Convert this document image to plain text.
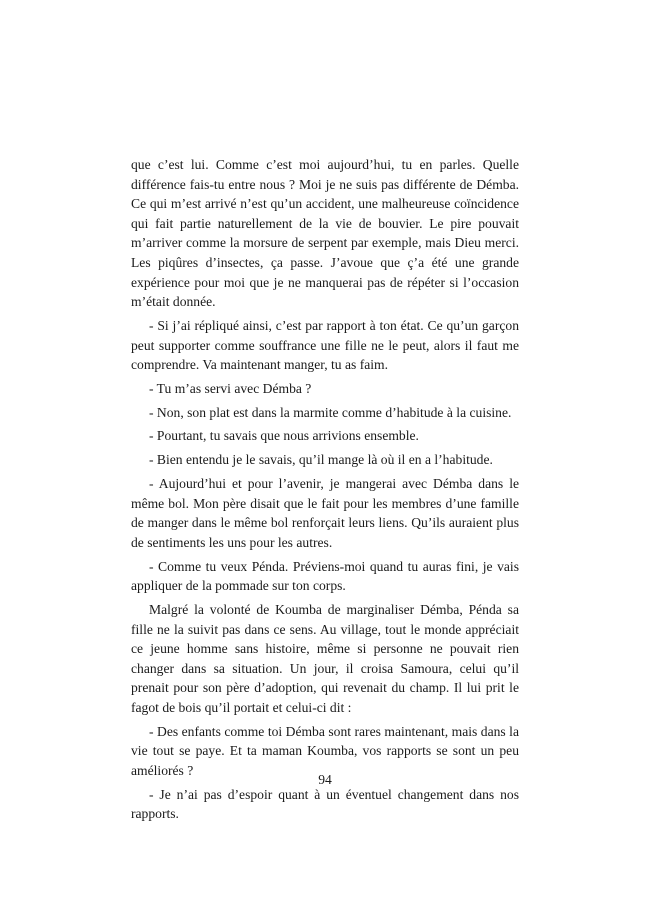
que c’est lui. Comme c’est moi aujourd’hui, tu en parles. Quelle différence fais-tu entre nous ? Moi je ne suis pas différente de Démba. Ce qui m’est arrivé n’est qu’un accident, une malheureuse coïncidence qui fait partie naturellement de la vie de bouvier. Le pire pouvait m’arriver comme la morsure de serpent par exemple, mais Dieu merci. Les piqûres d’insectes, ça passe. J’avoue que ç’a été une grande expérience pour moi que je ne manquerai pas de répéter si l’occasion m’était donnée.

- Si j’ai répliqué ainsi, c’est par rapport à ton état. Ce qu’un garçon peut supporter comme souffrance une fille ne le peut, alors il faut me comprendre. Va maintenant manger, tu as faim.

- Tu m’as servi avec Démba ?

- Non, son plat est dans la marmite comme d’habitude à la cuisine.

- Pourtant, tu savais que nous arrivions ensemble.

- Bien entendu je le savais, qu’il mange là où il en a l’habitude.

- Aujourd’hui et pour l’avenir, je mangerai avec Démba dans le même bol. Mon père disait que le fait pour les membres d’une famille de manger dans le même bol renforçait leurs liens. Qu’ils auraient plus de sentiments les uns pour les autres.

- Comme tu veux Pénda. Préviens-moi quand tu auras fini, je vais appliquer de la pommade sur ton corps.

Malgré la volonté de Koumba de marginaliser Démba, Pénda sa fille ne la suivit pas dans ce sens. Au village, tout le monde appréciait ce jeune homme sans histoire, même si personne ne pouvait rien changer dans sa situation. Un jour, il croisa Samoura, celui qu’il prenait pour son père d’adoption, qui revenait du champ. Il lui prit le fagot de bois qu’il portait et celui-ci dit :

- Des enfants comme toi Démba sont rares maintenant, mais dans la vie tout se paye. Et ta maman Koumba, vos rapports se sont un peu améliorés ?

- Je n’ai pas d’espoir quant à un éventuel changement dans nos rapports.

94
